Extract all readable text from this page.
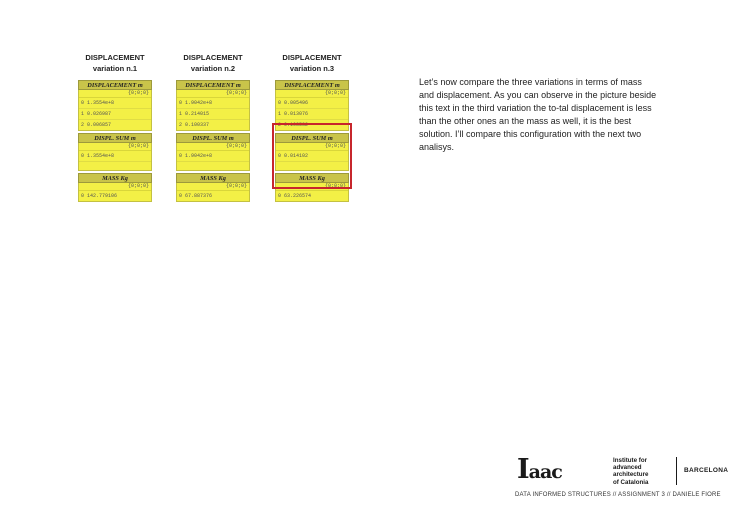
DISPLACEMENT
variation n.1
DISPLACEMENT m
{0;0;0}
0 1.3554e+8
1 0.026987
2 0.006857
DISPL. SUM m
{0;0;0}
0 1.3554e+8
MASS Kg
{0;0;0}
0 142.779106
DISPLACEMENT
variation n.2
DISPLACEMENT m
{0;0;0}
0 1.9042e+8
1 0.214015
2 0.100337
DISPL. SUM m
{0;0;0}
0 1.9042e+8
MASS Kg
{0;0;0}
0 67.887376
DISPLACEMENT
variation n.3
DISPLACEMENT m
{0;0;0}
0 0.005496
1 0.013076
2 0.108532
DISPL. SUM m
{0;0;0}
0 0.014102
MASS Kg
{0;0;0}
0 63.226574
Let’s now compare the three variations in terms of mass and displacement. As you can observe in the picture beside this text in the third variation the to-tal displacement is less than the other ones an the mass as well, it is the best solution. I’ll compare this configuration with the next two analisys.
Iaac
Institute for
advanced
architecture
of Catalonia
BARCELONA
DATA INFORMED STRUCTURES // ASSIGNMENT 3 // DANIELE FIORE
